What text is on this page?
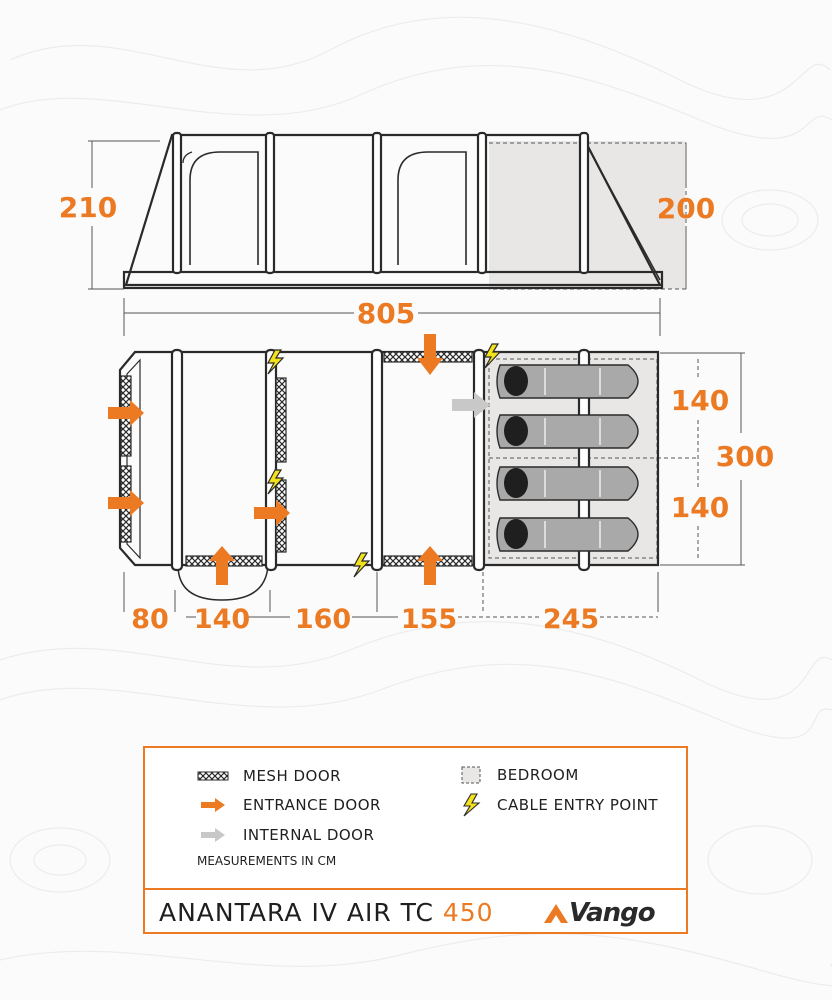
210	200
805
300
140
140
80 140 160 155	245
MESH DOOR
ENTRANCE DOOR
INTERNAL DOOR
BEDROOM
CABLE ENTRY POINT
MEASUREMENTS IN CM
ANANTARA IV AIR TC 450	Vango
